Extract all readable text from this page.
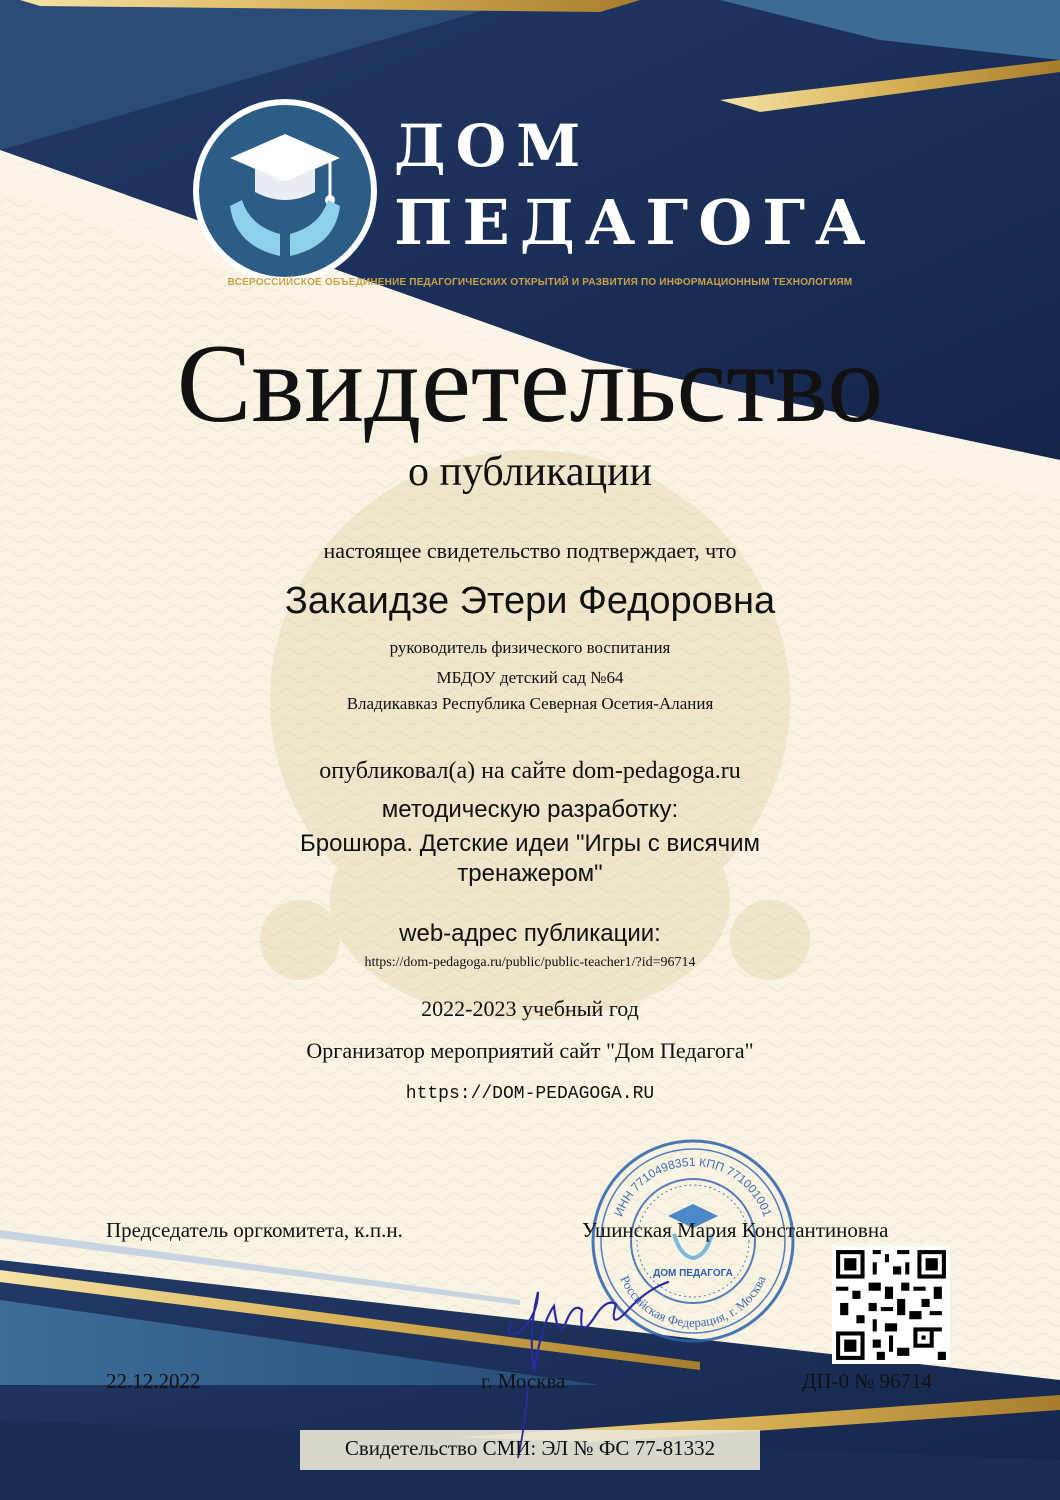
ДОМ
ПЕДАГОГА
ВСЕРОССИЙСКОЕ ОБЪЕДИНЕНИЕ ПЕДАГОГИЧЕСКИХ ОТКРЫТИЙ И РАЗВИТИЯ ПО ИНФОРМАЦИОННЫМ ТЕХНОЛОГИЯМ
Свидетельство
о публикации
настоящее свидетельство подтверждает, что
Закаидзе Этери Федоровна
руководитель физического воспитания
МБДОУ детский сад №64
Владикавказ Республика Северная Осетия-Алания
опубликовал(а) на сайте dom-pedagoga.ru
методическую разработку:
Брошюра. Детские идеи "Игры с висячим
тренажером"
web-адрес публикации:
https://dom-pedagoga.ru/public/public-teacher1/?id=96714
2022-2023 учебный год
Организатор мероприятий сайт "Дом Педагога"
https://DOM-PEDAGOGA.RU
ИНН 7710498351 КПП 771001001
Российская Федерация, г. Москва
ДОМ ПЕДАГОГА
Председатель оргкомитета, к.п.н.	Ушинская Мария Константиновна
22.12.2022	г. Москва	ДП-0 № 96714
Свидетельство СМИ: ЭЛ № ФС 77-81332
